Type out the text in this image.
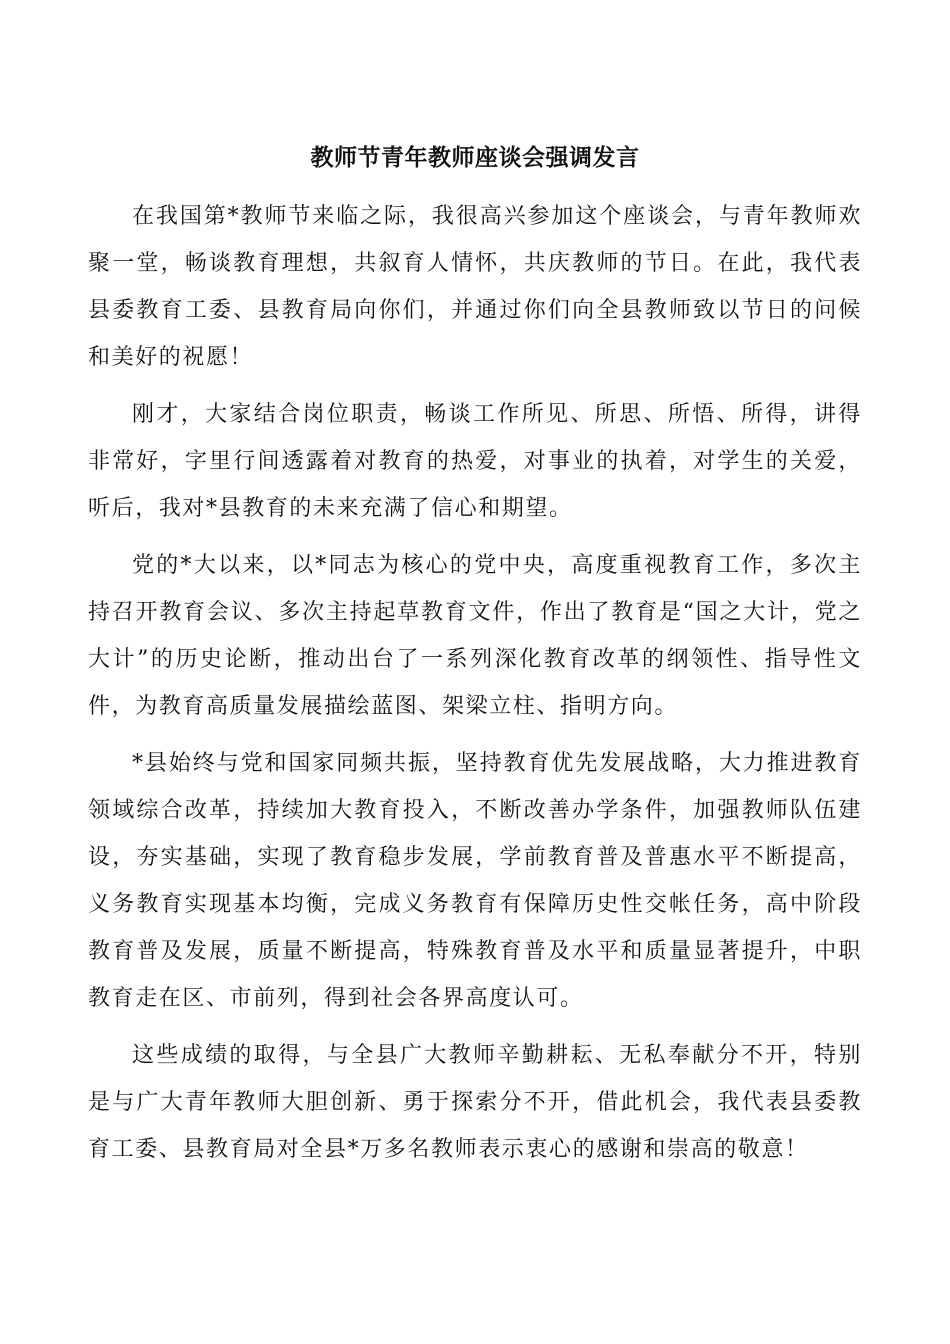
教师节青年教师座谈会强调发言

在我国第*教师节来临之际，我很高兴参加这个座谈会，与青年教师欢聚一堂，畅谈教育理想，共叙育人情怀，共庆教师的节日。在此，我代表县委教育工委、县教育局向你们，并通过你们向全县教师致以节日的问候和美好的祝愿！

刚才，大家结合岗位职责，畅谈工作所见、所思、所悟、所得，讲得非常好，字里行间透露着对教育的热爱，对事业的执着，对学生的关爱，听后，我对*县教育的未来充满了信心和期望。

党的*大以来，以*同志为核心的党中央，高度重视教育工作，多次主持召开教育会议、多次主持起草教育文件，作出了教育是“国之大计，党之大计”的历史论断，推动出台了一系列深化教育改革的纲领性、指导性文件，为教育高质量发展描绘蓝图、架梁立柱、指明方向。

*县始终与党和国家同频共振，坚持教育优先发展战略，大力推进教育领域综合改革，持续加大教育投入，不断改善办学条件，加强教师队伍建设，夯实基础，实现了教育稳步发展，学前教育普及普惠水平不断提高，义务教育实现基本均衡，完成义务教育有保障历史性交帐任务，高中阶段教育普及发展，质量不断提高，特殊教育普及水平和质量显著提升，中职教育走在区、市前列，得到社会各界高度认可。

这些成绩的取得，与全县广大教师辛勤耕耘、无私奉献分不开，特别是与广大青年教师大胆创新、勇于探索分不开，借此机会，我代表县委教育工委、县教育局对全县*万多名教师表示衷心的感谢和崇高的敬意！
